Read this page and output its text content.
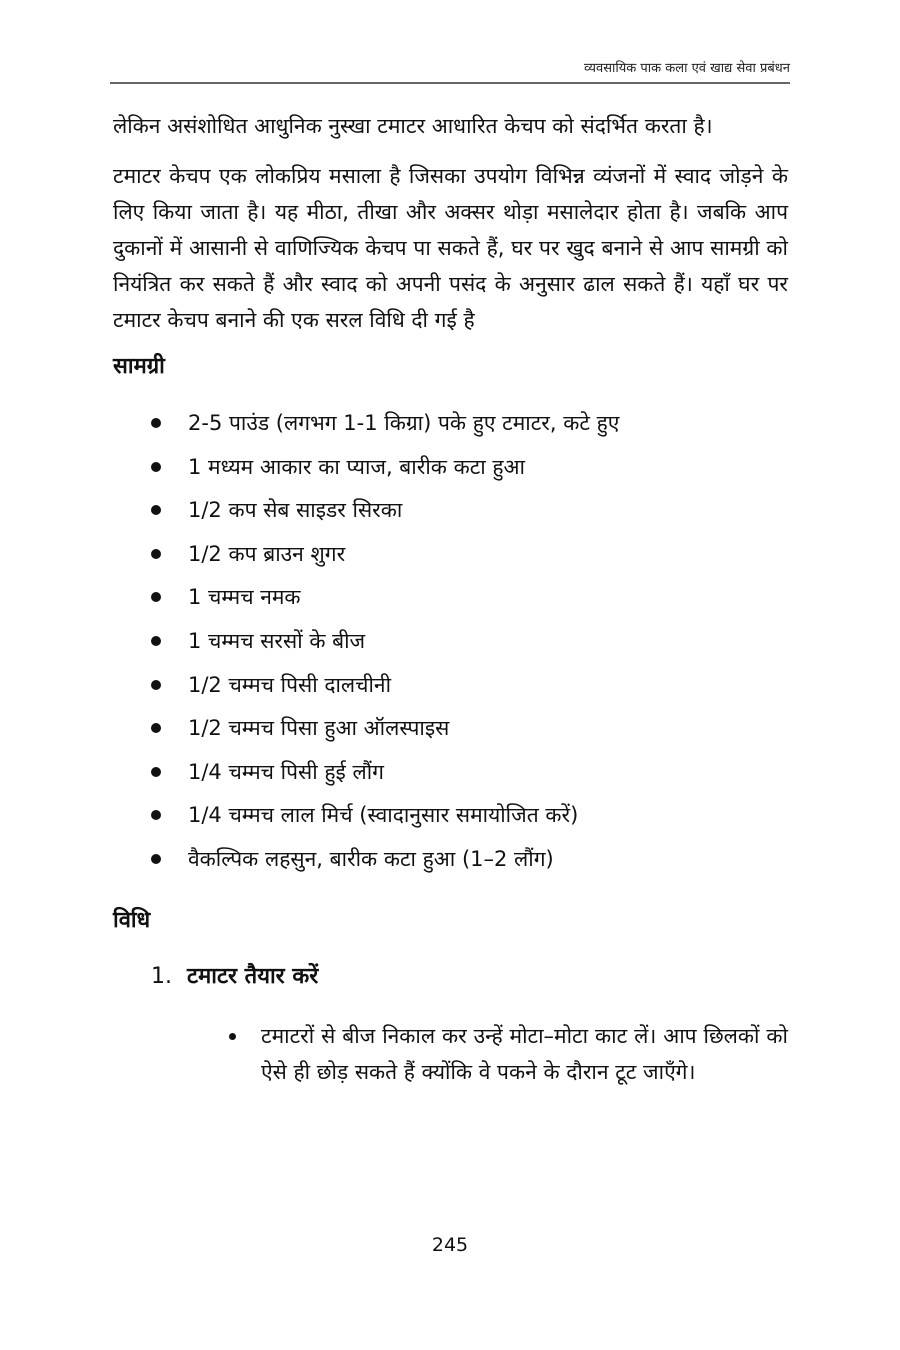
व्यवसायिक पाक कला एवं खाद्य सेवा प्रबंधन

लेकिन असंशोधित आधुनिक नुस्खा टमाटर आधारित केचप को संदर्भित करता है।

टमाटर केचप एक लोकप्रिय मसाला है जिसका उपयोग विभिन्न व्यंजनों में स्वाद जोड़ने के लिए किया जाता है। यह मीठा, तीखा और अक्सर थोड़ा मसालेदार होता है। जबकि आप दुकानों में आसानी से वाणिज्यिक केचप पा सकते हैं, घर पर खुद बनाने से आप सामग्री को नियंत्रित कर सकते हैं और स्वाद को अपनी पसंद के अनुसार ढाल सकते हैं। यहाँ घर पर टमाटर केचप बनाने की एक सरल विधि दी गई है

सामग्री
2-5 पाउंड (लगभग 1-1 किग्रा) पके हुए टमाटर, कटे हुए
1 मध्यम आकार का प्याज, बारीक कटा हुआ
1/2 कप सेब साइडर सिरका
1/2 कप ब्राउन शुगर
1 चम्मच नमक
1 चम्मच सरसों के बीज
1/2 चम्मच पिसी दालचीनी
1/2 चम्मच पिसा हुआ ऑलस्पाइस
1/4 चम्मच पिसी हुई लौंग
1/4 चम्मच लाल मिर्च (स्वादानुसार समायोजित करें)
वैकल्पिक लहसुन, बारीक कटा हुआ (1–2 लौंग)
विधि
1. टमाटर तैयार करें
टमाटरों से बीज निकाल कर उन्हें मोटा–मोटा काट लें। आप छिलकों को ऐसे ही छोड़ सकते हैं क्योंकि वे पकने के दौरान टूट जाएँगे।
245
